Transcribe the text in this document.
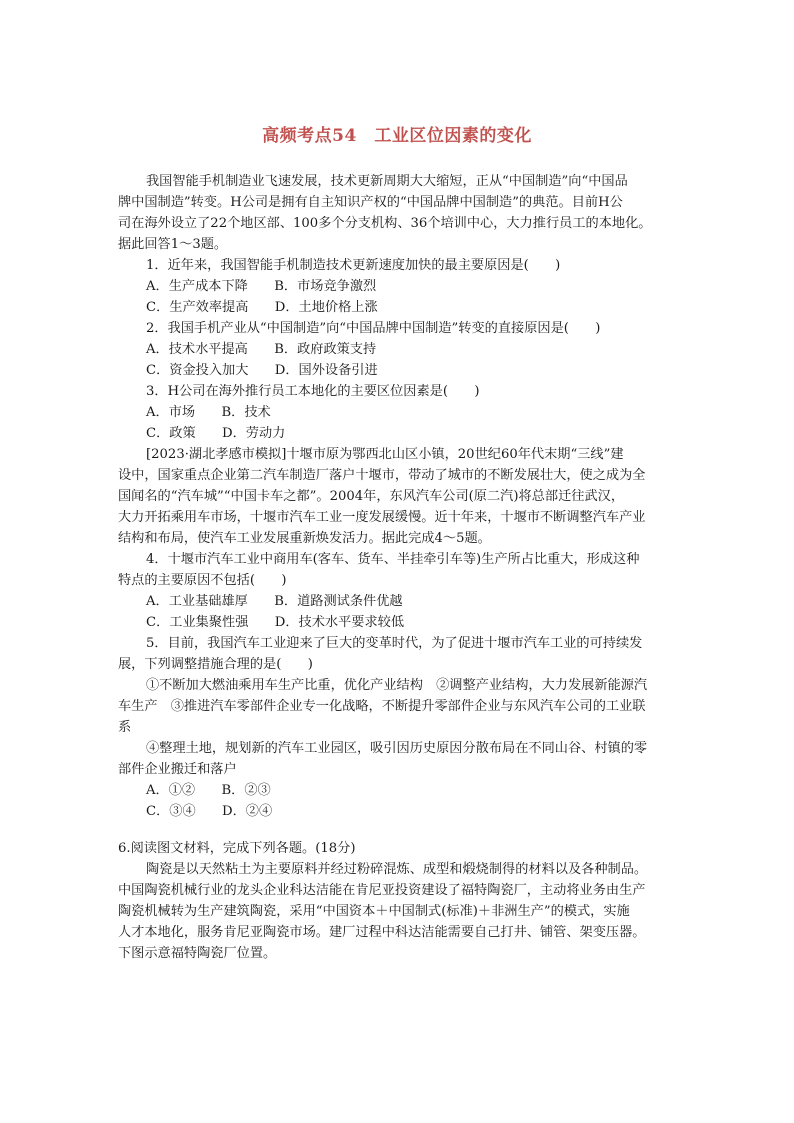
高频考点54　工业区位因素的变化
我国智能手机制造业飞速发展，技术更新周期大大缩短，正从“中国制造”向“中国品
牌中国制造”转变。H公司是拥有自主知识产权的“中国品牌中国制造”的典范。目前H公
司在海外设立了22个地区部、100多个分支机构、36个培训中心，大力推行员工的本地化。
据此回答1～3题。
1．近年来，我国智能手机制造技术更新速度加快的最主要原因是(　　)
A．生产成本下降　　B．市场竞争激烈
C．生产效率提高　　D．土地价格上涨
2．我国手机产业从“中国制造”向“中国品牌中国制造”转变的直接原因是(　　)
A．技术水平提高　　B．政府政策支持
C．资金投入加大　　D．国外设备引进
3．H公司在海外推行员工本地化的主要区位因素是(　　)
A．市场　　B．技术
C．政策　　D．劳动力
[2023·湖北孝感市模拟]十堰市原为鄂西北山区小镇，20世纪60年代末期“三线”建
设中，国家重点企业第二汽车制造厂落户十堰市，带动了城市的不断发展壮大，使之成为全
国闻名的“汽车城”“中国卡车之都”。2004年，东风汽车公司(原二汽)将总部迁往武汉，
大力开拓乘用车市场，十堰市汽车工业一度发展缓慢。近十年来，十堰市不断调整汽车产业
结构和布局，使汽车工业发展重新焕发活力。据此完成4～5题。
4．十堰市汽车工业中商用车(客车、货车、半挂牵引车等)生产所占比重大，形成这种
特点的主要原因不包括(　　)
A．工业基础雄厚　　B．道路测试条件优越
C．工业集聚性强　　D．技术水平要求较低
5．目前，我国汽车工业迎来了巨大的变革时代，为了促进十堰市汽车工业的可持续发
展，下列调整措施合理的是(　　)
①不断加大燃油乘用车生产比重，优化产业结构　②调整产业结构，大力发展新能源汽
车生产　③推进汽车零部件企业专一化战略，不断提升零部件企业与东风汽车公司的工业联
系
④整理土地，规划新的汽车工业园区，吸引因历史原因分散布局在不同山谷、村镇的零
部件企业搬迁和落户
A．①②　　B．②③
C．③④　　D．②④
6.阅读图文材料，完成下列各题。(18分)
陶瓷是以天然粘土为主要原料并经过粉碎混炼、成型和煅烧制得的材料以及各种制品。
中国陶瓷机械行业的龙头企业科达洁能在肯尼亚投资建设了福特陶瓷厂，主动将业务由生产
陶瓷机械转为生产建筑陶瓷，采用“中国资本＋中国制式(标准)＋非洲生产”的模式，实施
人才本地化，服务肯尼亚陶瓷市场。建厂过程中科达洁能需要自己打井、铺管、架变压器。
下图示意福特陶瓷厂位置。
